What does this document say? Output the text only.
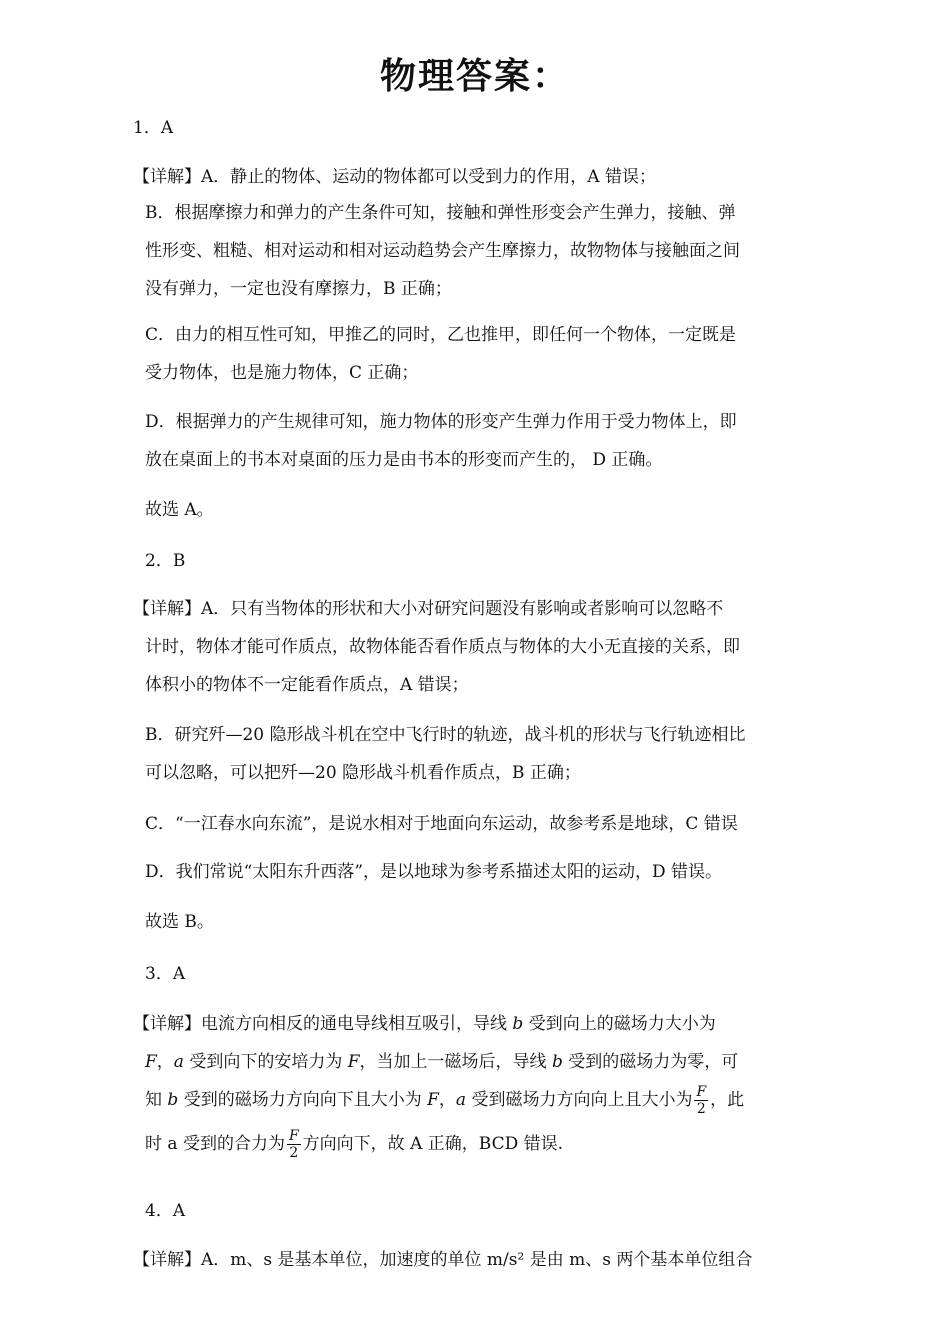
物理答案：
1．A
【详解】A．静止的物体、运动的物体都可以受到力的作用，A 错误；
B．根据摩擦力和弹力的产生条件可知，接触和弹性形变会产生弹力，接触、弹
性形变、粗糙、相对运动和相对运动趋势会产生摩擦力，故物物体与接触面之间
没有弹力，一定也没有摩擦力，B 正确；
C．由力的相互性可知，甲推乙的同时，乙也推甲，即任何一个物体，一定既是
受力物体，也是施力物体，C 正确；
D．根据弹力的产生规律可知，施力物体的形变产生弹力作用于受力物体上，即
放在桌面上的书本对桌面的压力是由书本的形变而产生的， D 正确。
故选 A。
2．B
【详解】A．只有当物体的形状和大小对研究问题没有影响或者影响可以忽略不
计时，物体才能可作质点，故物体能否看作质点与物体的大小无直接的关系，即
体积小的物体不一定能看作质点，A 错误；
B．研究歼—20 隐形战斗机在空中飞行时的轨迹，战斗机的形状与飞行轨迹相比
可以忽略，可以把歼—20 隐形战斗机看作质点，B 正确；
C．“一江春水向东流”，是说水相对于地面向东运动，故参考系是地球，C 错误
D．我们常说“太阳东升西落”，是以地球为参考系描述太阳的运动，D 错误。
故选 B。
3．A
【详解】电流方向相反的通电导线相互吸引，导线 b 受到向上的磁场力大小为
F，a 受到向下的安培力为 F，当加上一磁场后，导线 b 受到的磁场力为零，可
知 b 受到的磁场力方向向下且大小为 F，a 受到磁场力方向向上且大小为 $\frac{F}{2}$ ，此
时 a 受到的合力为 $\frac{F}{2}$ 方向向下，故 A 正确，BCD 错误.
4．A
【详解】A．m、s 是基本单位，加速度的单位 m/s² 是由 m、s 两个基本单位组合
